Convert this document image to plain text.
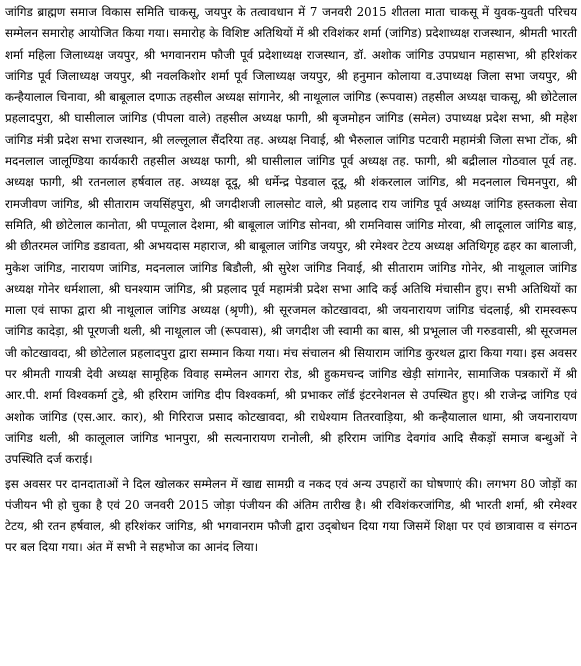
जांगिड ब्राह्मण समाज विकास समिति चाकसू, जयपुर के तत्वावधान में 7 जनवरी 2015 शीतला माता चाकसू में युवक-युवती परिचय सम्मेलन समारोह आयोजित किया गया। समारोह के विशिष्ट अतिथियों में श्री रविशंकर शर्मा (जांगिड) प्रदेशाध्यक्ष राजस्थान, श्रीमती भारती शर्मा महिला जिलाध्यक्ष जयपुर, श्री भगवानराम फौजी पूर्व प्रदेशाध्यक्ष राजस्थान, डॉ. अशोक जांगिड उपप्रधान महासभा, श्री हरिशंकर जांगिड पूर्व जिलाध्यक्ष जयपुर, श्री नवलकिशोर शर्मा पूर्व जिलाध्यक्ष जयपुर, श्री हनुमान कोलाया व.उपाध्यक्ष जिला सभा जयपुर, श्री कन्हैयालाल चिनावा, श्री बाबूलाल दणाऊ तहसील अध्यक्ष सांगानेर, श्री नाथूलाल जांगिड (रूपवास) तहसील अध्यक्ष चाकसू, श्री छोटेलाल प्रहलादपुरा, श्री घासीलाल जांगिड (पीपला वाले) तहसील अध्यक्ष फागी, श्री बृजमोहन जांगिड (समेल) उपाध्यक्ष प्रदेश सभा, श्री महेश जांगिड मंत्री प्रदेश सभा राजस्थान, श्री लल्लूलाल सैंदरिया तह. अध्यक्ष निवाई, श्री भैरुलाल जांगिड पटवारी महामंत्री जिला सभा टोंक, श्री मदनलाल जालूण्डिया कार्यकारी तहसील अध्यक्ष फागी, श्री घासीलाल जांगिड पूर्व अध्यक्ष तह. फागी, श्री बद्रीलाल गोठवाल पूर्व तह. अध्यक्ष फागी, श्री रतनलाल हर्षवाल तह. अध्यक्ष दूदू, श्री धर्मेन्द्र पेडवाल दूदू, श्री शंकरलाल जांगिड, श्री मदनलाल चिमनपुरा, श्री रामजीवण जांगिड, श्री सीताराम जयसिंहपुरा, श्री जगदीशजी लालसोट वाले, श्री प्रहलाद राय जांगिड पूर्व अध्यक्ष जांगिड हस्तकला सेवा समिति, श्री छोटेलाल कानोता, श्री पप्पूलाल देशमा, श्री बाबूलाल जांगिड सोनवा, श्री रामनिवास जांगिड मोरवा, श्री लादूलाल जांगिड बाड़, श्री छीतरमल जांगिड डडावता, श्री अभयदास महाराज, श्री बाबूलाल जांगिड जयपुर, श्री रमेश्वर टेटय अध्यक्ष अतिथिगृह ढहर का बालाजी, मुकेश जांगिड, नारायण जांगिड, मदनलाल जांगिड बिडौली, श्री सुरेश जांगिड निवाई, श्री सीताराम जांगिड गोनेर, श्री नाथूलाल जांगिड अध्यक्ष गोनेर धर्मशाला, श्री घनश्याम जांगिड, श्री प्रहलाद पूर्व महामंत्री प्रदेश सभा आदि कई अतिथि मंचासीन हुए। सभी अतिथियों का माला एवं साफा द्वारा श्री नाथूलाल जांगिड अध्यक्ष (श्रृणी), श्री सूरजमल कोटखावदा, श्री जयनारायण जांगिड चंदलाई, श्री रामस्वरूप जांगिड कादेड़ा, श्री पूरणजी थली, श्री नाथूलाल जी (रूपवास), श्री जगदीश जी स्वामी का बास, श्री प्रभूलाल जी गरुडवासी, श्री सूरजमल जी कोटखावदा, श्री छोटेलाल प्रहलादपुरा द्वारा सम्मान किया गया। मंच संचालन श्री सियाराम जांगिड कुरथल द्वारा किया गया। इस अवसर पर श्रीमती गायत्री देवी अध्यक्ष सामूहिक विवाह सम्मेलन आगरा रोड, श्री हुकमचन्द जांगिड खेड़ी सांगानेर, सामाजिक पत्रकारों में श्री आर.पी. शर्मा विश्वकर्मा टुडे, श्री हरिराम जांगिड दीप विश्वकर्मा, श्री प्रभाकर लॉर्ड इंटरनेशनल से उपस्थित हुए। श्री राजेन्द्र जांगिड एवं अशोक जांगिड (एस.आर. कार), श्री गिरिराज प्रसाद कोटखावदा, श्री राधेश्याम तितरवाड़िया, श्री कन्हैयालाल धामा, श्री जयनारायण जांगिड थली, श्री कालूलाल जांगिड भानपुरा, श्री सत्यनारायण रानोली, श्री हरिराम जांगिड देवगांव आदि सैकड़ों समाज बन्धुओं ने उपस्थिति दर्ज कराई।

इस अवसर पर दानदाताओं ने दिल खोलकर सम्मेलन में खाद्य सामग्री व नकद एवं अन्य उपहारों का घोषणाएं की। लगभग 80 जोड़ों का पंजीयन भी हो चुका है एवं 20 जनवरी 2015 जोड़ा पंजीयन की अंतिम तारीख है। श्री रविशंकरजांगिड, श्री भारती शर्मा, श्री रमेश्वर टेटय, श्री रतन हर्षवाल, श्री हरिशंकर जांगिड, श्री भगवानराम फौजी द्वारा उद्‌बोधन दिया गया जिसमें शिक्षा पर एवं छात्रावास व संगठन पर बल दिया गया। अंत में सभी ने सहभोज का आनंद लिया।
